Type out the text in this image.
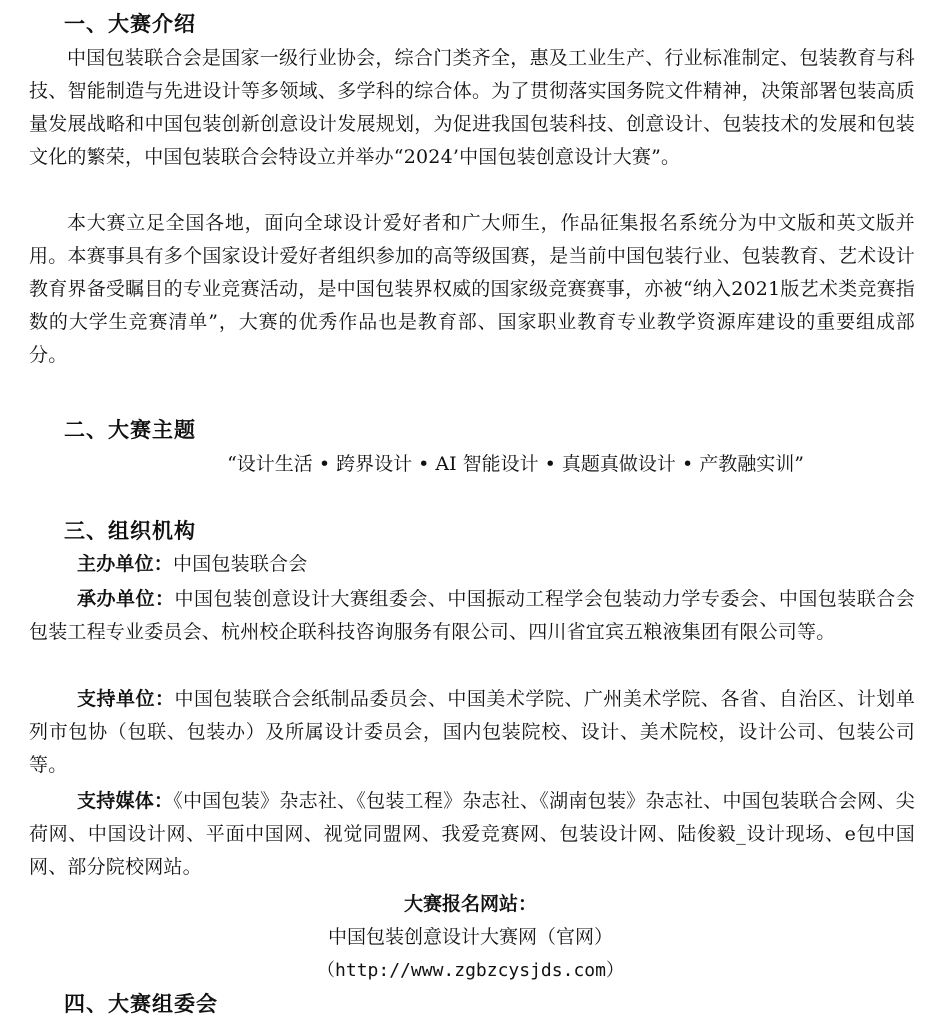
一、大赛介绍

中国包装联合会是国家一级行业协会，综合门类齐全，惠及工业生产、行业标准制定、包装教育与科技、智能制造与先进设计等多领域、多学科的综合体。为了贯彻落实国务院文件精神，决策部署包装高质量发展战略和中国包装创新创意设计发展规划，为促进我国包装科技、创意设计、包装技术的发展和包装文化的繁荣，中国包装联合会特设立并举办“2024’中国包装创意设计大赛”。

本大赛立足全国各地，面向全球设计爱好者和广大师生，作品征集报名系统分为中文版和英文版并用。本赛事具有多个国家设计爱好者组织参加的高等级国赛，是当前中国包装行业、包装教育、艺术设计教育界备受瞩目的专业竞赛活动，是中国包装界权威的国家级竞赛赛事，亦被“纳入2021版艺术类竞赛指数的大学生竞赛清单”，大赛的优秀作品也是教育部、国家职业教育专业教学资源库建设的重要组成部分。

二、大赛主题

“设计生活 • 跨界设计 • AI 智能设计 • 真题真做设计 • 产教融实训”

三、组织机构

主办单位：中国包装联合会

承办单位：中国包装创意设计大赛组委会、中国振动工程学会包装动力学专委会、中国包装联合会包装工程专业委员会、杭州校企联科技咨询服务有限公司、四川省宜宾五粮液集团有限公司等。

支持单位：中国包装联合会纸制品委员会、中国美术学院、广州美术学院、各省、自治区、计划单列市包协（包联、包装办）及所属设计委员会，国内包装院校、设计、美术院校，设计公司、包装公司等。

支持媒体：《中国包装》杂志社、《包装工程》杂志社、《湖南包装》杂志社、中国包装联合会网、尖荷网、中国设计网、平面中国网、视觉同盟网、我爱竞赛网、包装设计网、陆俊毅_设计现场、e包中国网、部分院校网站。

大赛报名网站：

中国包装创意设计大赛网（官网）

（http://www.zgbzcysjds.com）

四、大赛组委会
